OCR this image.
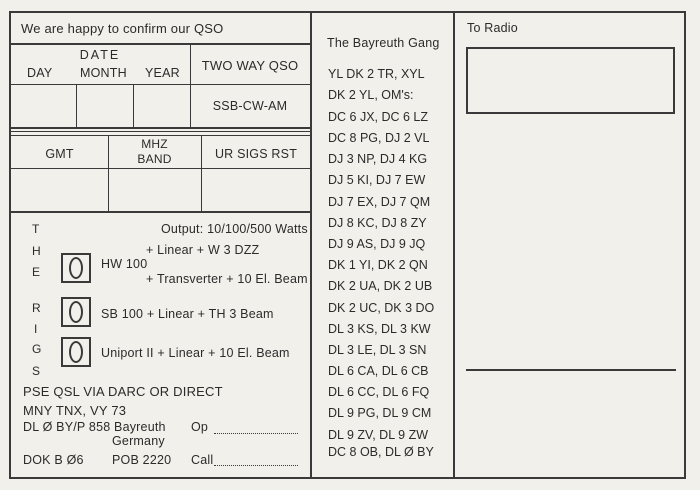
We are happy to confirm our QSO
DATE
DAY MONTH YEAR	TWO WAY QSO
SSB-CW-AM
GMT
MHZ
BAND	UR SIGS RST
T
H
E
R
I
G
S
Output: 10/100/500 Watts
+ Linear + W 3 DZZ
HW 100
+ Transverter + 10 El. Beam
SB 100 + Linear + TH 3 Beam
Uniport II + Linear + 10 El. Beam
PSE QSL VIA DARC OR DIRECT
MNY TNX, VY 73
DL Ø BY/P 858 Bayreuth
Germany
Op
DOK B Ø6 POB 2220 Call
The Bayreuth Gang
YL DK 2 TR, XYL
DK 2 YL, OM's:
DC 6 JX, DC 6 LZ
DC 8 PG, DJ 2 VL
DJ 3 NP, DJ 4 KG
DJ 5 KI, DJ 7 EW
DJ 7 EX, DJ 7 QM
DJ 8 KC, DJ 8 ZY
DJ 9 AS, DJ 9 JQ
DK 1 YI, DK 2 QN
DK 2 UA, DK 2 UB
DK 2 UC, DK 3 DO
DL 3 KS, DL 3 KW
DL 3 LE, DL 3 SN
DL 6 CA, DL 6 CB
DL 6 CC, DL 6 FQ
DL 9 PG, DL 9 CM
DL 9 ZV, DL 9 ZW
DC 8 OB, DL Ø BY
To Radio
